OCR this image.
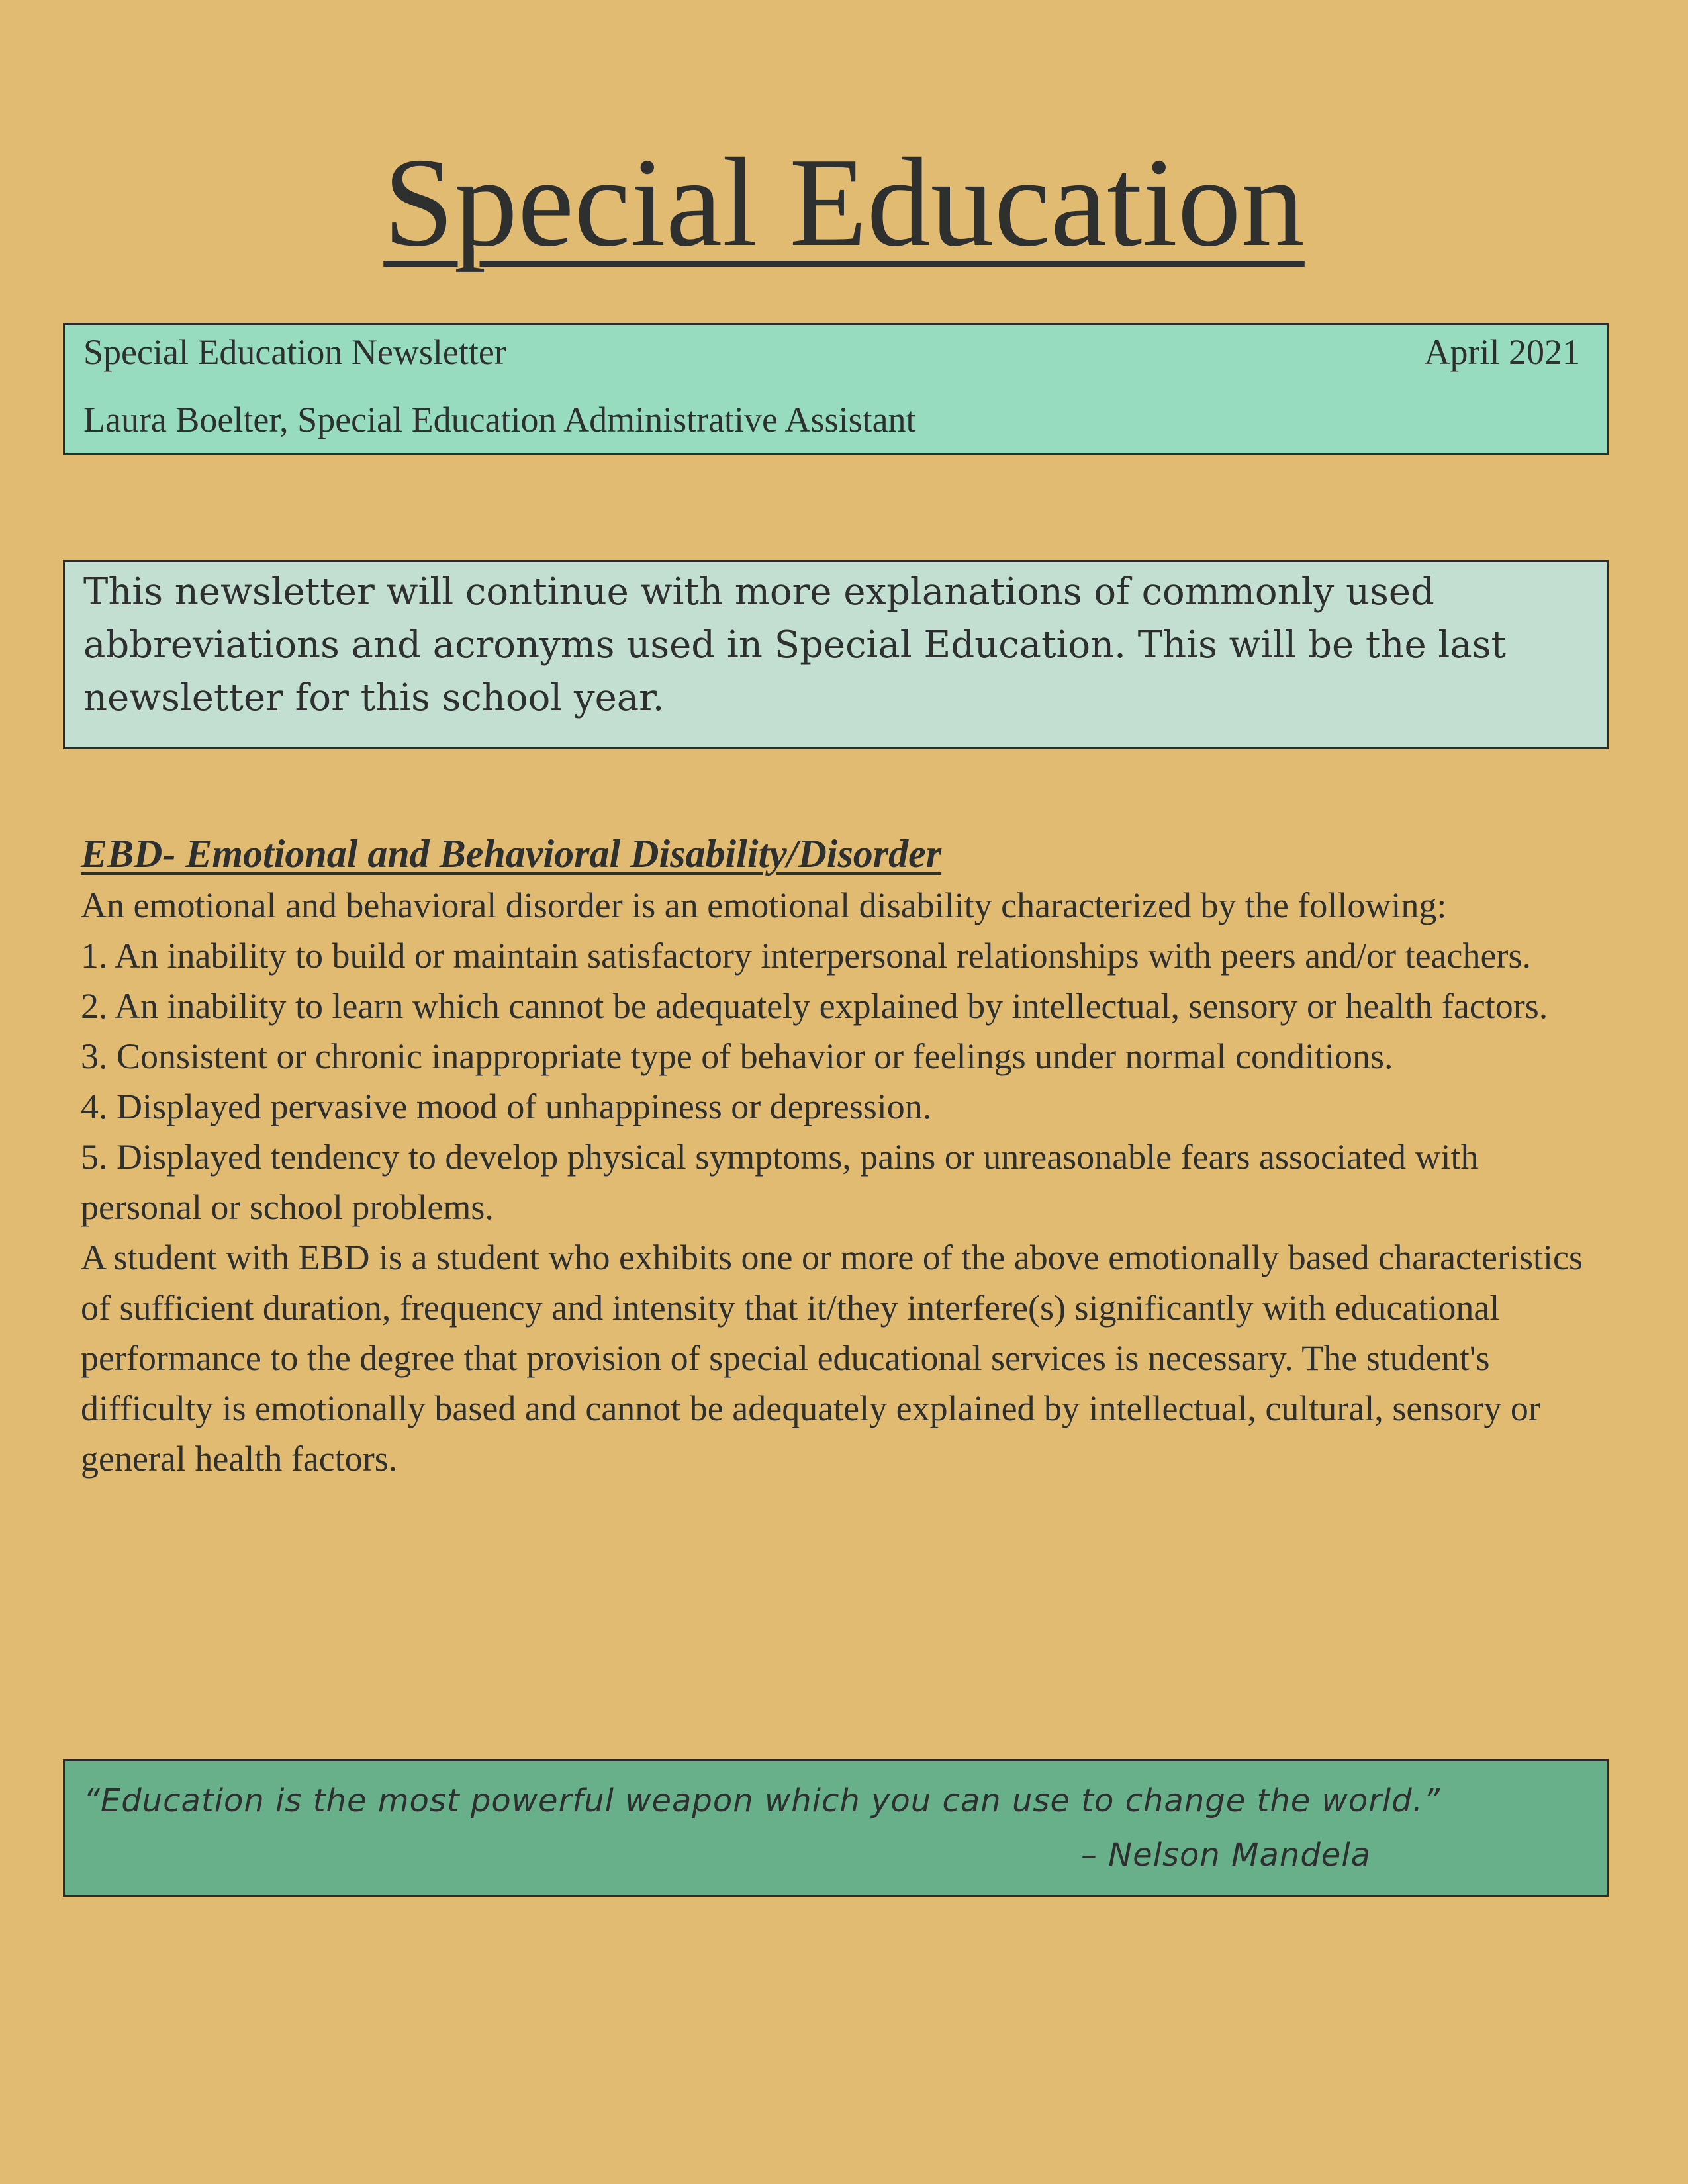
Special Education
Special Education Newsletter	April 2021
Laura Boelter, Special Education Administrative Assistant
This newsletter will continue with more explanations of commonly used abbreviations and acronyms used in Special Education. This will be the last newsletter for this school year.
EBD- Emotional and Behavioral Disability/Disorder

An emotional and behavioral disorder is an emotional disability characterized by the following:

1. An inability to build or maintain satisfactory interpersonal relationships with peers and/or teachers.

2. An inability to learn which cannot be adequately explained by intellectual, sensory or health factors.

3. Consistent or chronic inappropriate type of behavior or feelings under normal conditions.

4. Displayed pervasive mood of unhappiness or depression.

5. Displayed tendency to develop physical symptoms, pains or unreasonable fears associated with personal or school problems.

A student with EBD is a student who exhibits one or more of the above emotionally based characteristics of sufficient duration, frequency and intensity that it/they interfere(s) significantly with educational performance to the degree that provision of special educational services is necessary. The student's difficulty is emotionally based and cannot be adequately explained by intellectual, cultural, sensory or general health factors.

“Education is the most powerful weapon which you can use to change the world.”
– Nelson Mandela
